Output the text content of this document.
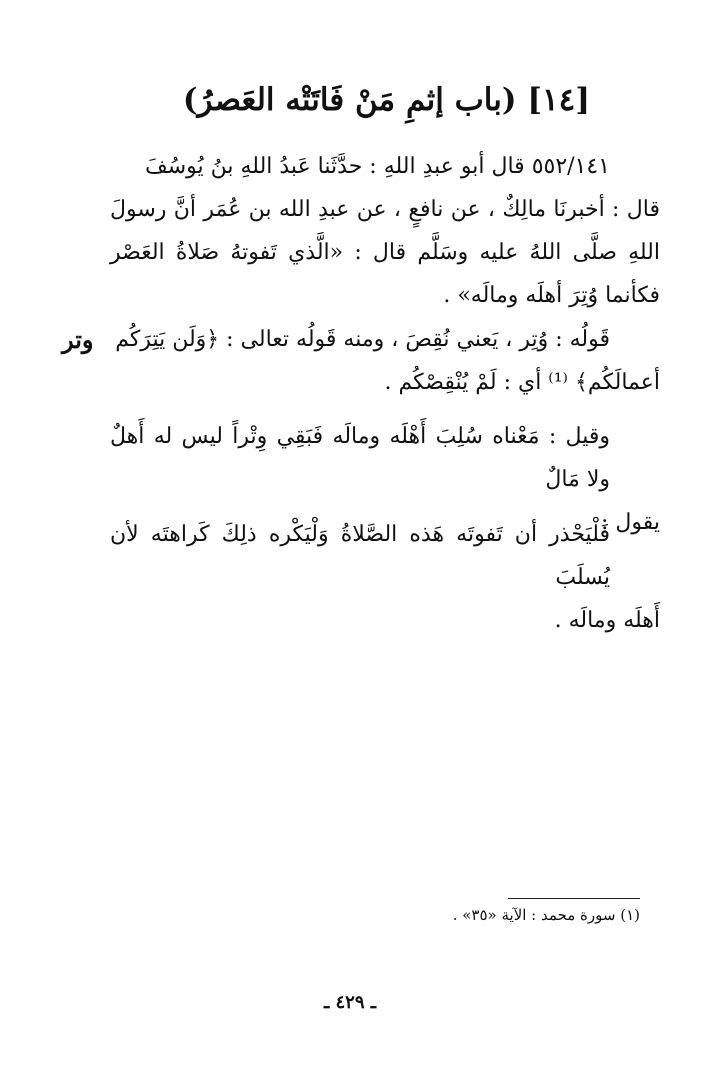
[١٤] (باب إثمِ مَنْ فَاتَتْه العَصرُ)
٥٥٢/١٤١ قال أبو عبدِ اللهِ : حدَّثَنا عَبدُ اللهِ بنُ يُوسُفَ
قال : أخبرنَا مالِكٌ ، عن نافعٍ ، عن عبدِ الله بن عُمَر أنَّ رسولَ اللهِ صلَّى اللهُ عليه وسَلَّم قال : «الَّذي تَفوتهُ صَلاةُ العَصْر فكأنما وُتِرَ أهلَه ومالَه» .
وتر قَولُه : وُتِر ، يَعني نُقِصَ ، ومنه قَولُه تعالى : ﴿وَلَن يَتِرَكُم
أعمالَكُم﴾ ⁽¹⁾ أي : لَمْ يُنْقِصْكُم .
وقيل : مَعْناه سُلِبَ أَهْلَه ومالَه فَبَقِي وِتْراً ليس له أَهلٌ ولا مَالٌ
يقول :
فَلْيَحْذر أن تَفوتَه هَذه الصَّلاةُ وَلْيَكْره ذلِكَ كَراهتَه لأن يُسلَبَ
أَهلَه ومالَه .
(١) سورة محمد : الآية «٣٥» .
ـ ٤٢٩ ـ
